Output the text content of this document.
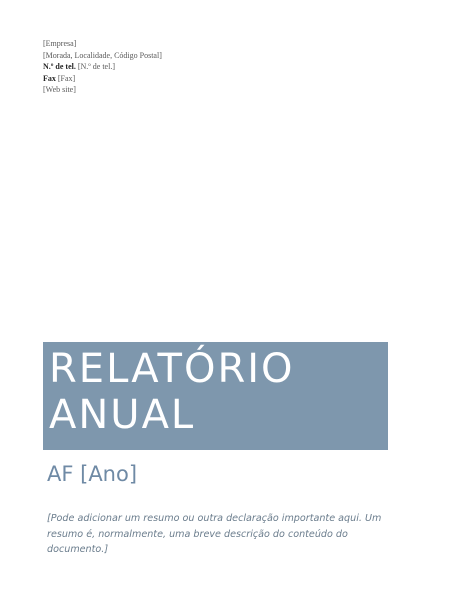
[Empresa]
[Morada, Localidade, Código Postal]
N.º de tel. [N.º de tel.]
Fax [Fax]
[Web site]
RELATÓRIO
ANUAL
AF [Ano]

[Pode adicionar um resumo ou outra declaração importante aqui. Um resumo é, normalmente, uma breve descrição do conteúdo do documento.]
